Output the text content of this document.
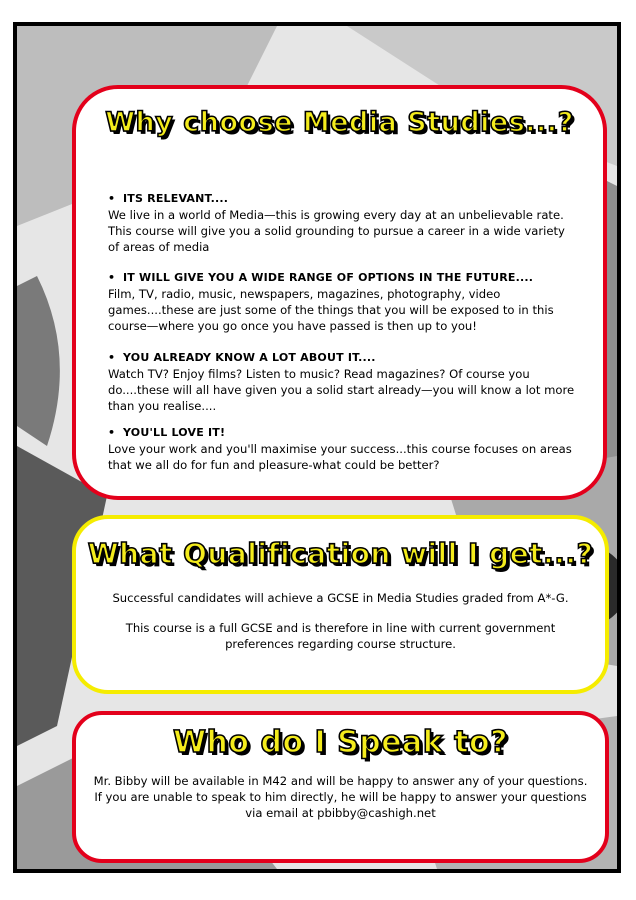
Why choose Media Studies...?
• ITS RELEVANT....
We live in a world of Media—this is growing every day at an unbelievable rate. This course will give you a solid grounding to pursue a career in a wide variety of areas of media
• IT WILL GIVE YOU A WIDE RANGE OF OPTIONS IN THE FUTURE....
Film, TV, radio, music, newspapers, magazines, photography, video games....these are just some of the things that you will be exposed to in this course—where you go once you have passed is then up to you!
• YOU ALREADY KNOW A LOT ABOUT IT....
Watch TV? Enjoy films? Listen to music? Read magazines? Of course you do....these will all have given you a solid start already—you will know a lot more than you realise....
• YOU'LL LOVE IT!
Love your work and you'll maximise your success...this course focuses on areas that we all do for fun and pleasure-what could be better?
What Qualification will I get...?
Successful candidates will achieve a GCSE in Media Studies graded from A*-G.
This course is a full GCSE and is therefore in line with current government preferences regarding course structure.
Who do I Speak to?
Mr. Bibby will be available in M42 and will be happy to answer any of your questions. If you are unable to speak to him directly, he will be happy to answer your questions via email at pbibby@cashigh.net
